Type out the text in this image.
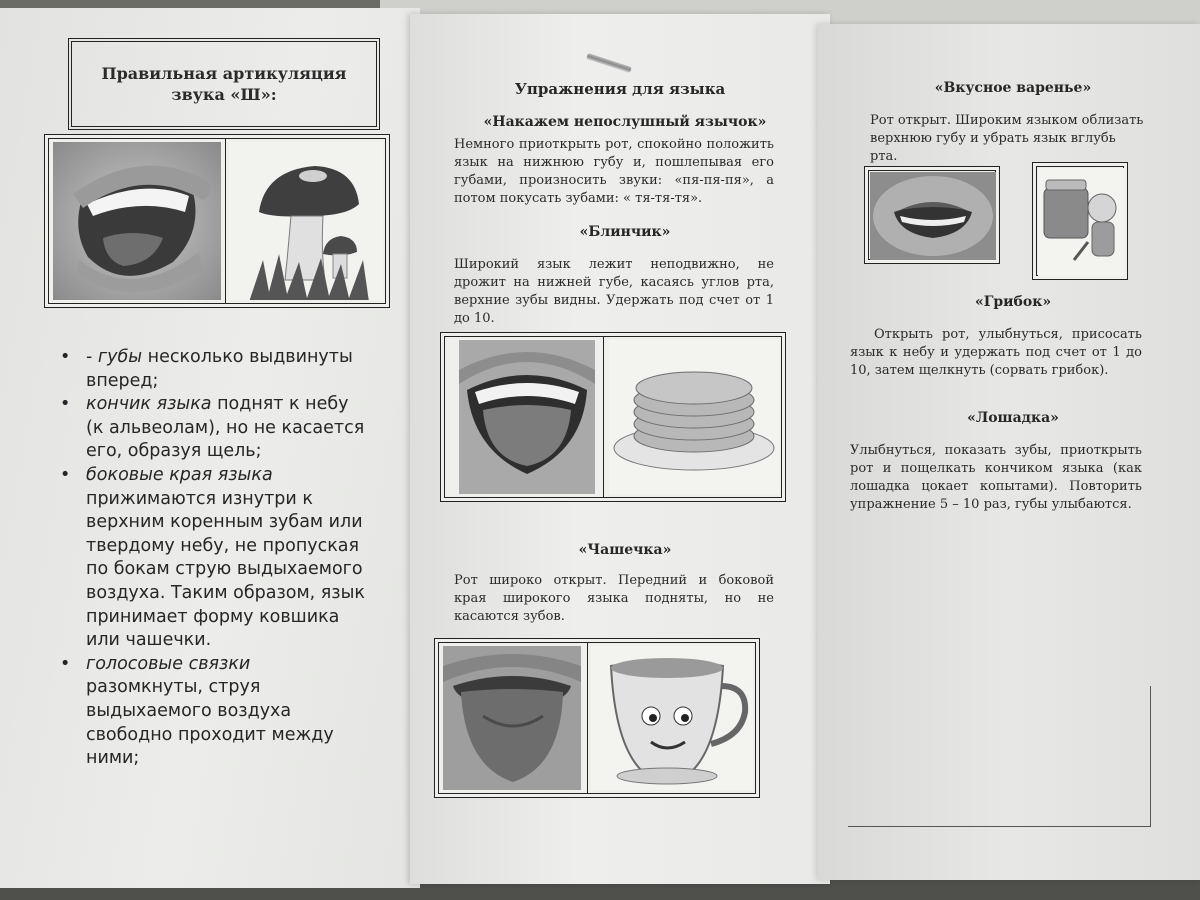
Правильная артикуляция
звука «Ш»:
• - губы несколько выдвинуты вперед;
• кончик языка поднят к небу (к альвеолам), но не касается его, образуя щель;
• боковые края языка прижимаются изнутри к верхним коренным зубам или твердому небу, не пропуская по бокам струю выдыхаемого воздуха. Таким образом, язык принимает форму ковшика или чашечки.
• голосовые связки разомкнуты, струя выдыхаемого воздуха свободно проходит между ними;
Упражнения для языка
«Накажем непослушный язычок»
Немного приоткрыть рот, спокойно положить язык на нижнюю губу и, пошлепывая его губами, произносить звуки: «пя-пя-пя», а потом покусать зубами: « тя-тя-тя».
«Блинчик»
Широкий язык лежит неподвижно, не дрожит на нижней губе, касаясь углов рта, верхние зубы видны. Удержать под счет от 1 до 10.
«Чашечка»
Рот широко открыт. Передний и боковой края широкого языка подняты, но не касаются зубов.
«Вкусное варенье»
Рот открыт. Широким языком облизать верхнюю губу и убрать язык вглубь рта.
«Грибок»
Открыть рот, улыбнуться, присосать язык к небу и удержать под счет от 1 до 10, затем щелкнуть (сорвать грибок).
«Лошадка»
Улыбнуться, показать зубы, приоткрыть рот и пощелкать кончиком языка (как лошадка цокает копытами). Повторить упражнение 5 – 10 раз, губы улыбаются.
